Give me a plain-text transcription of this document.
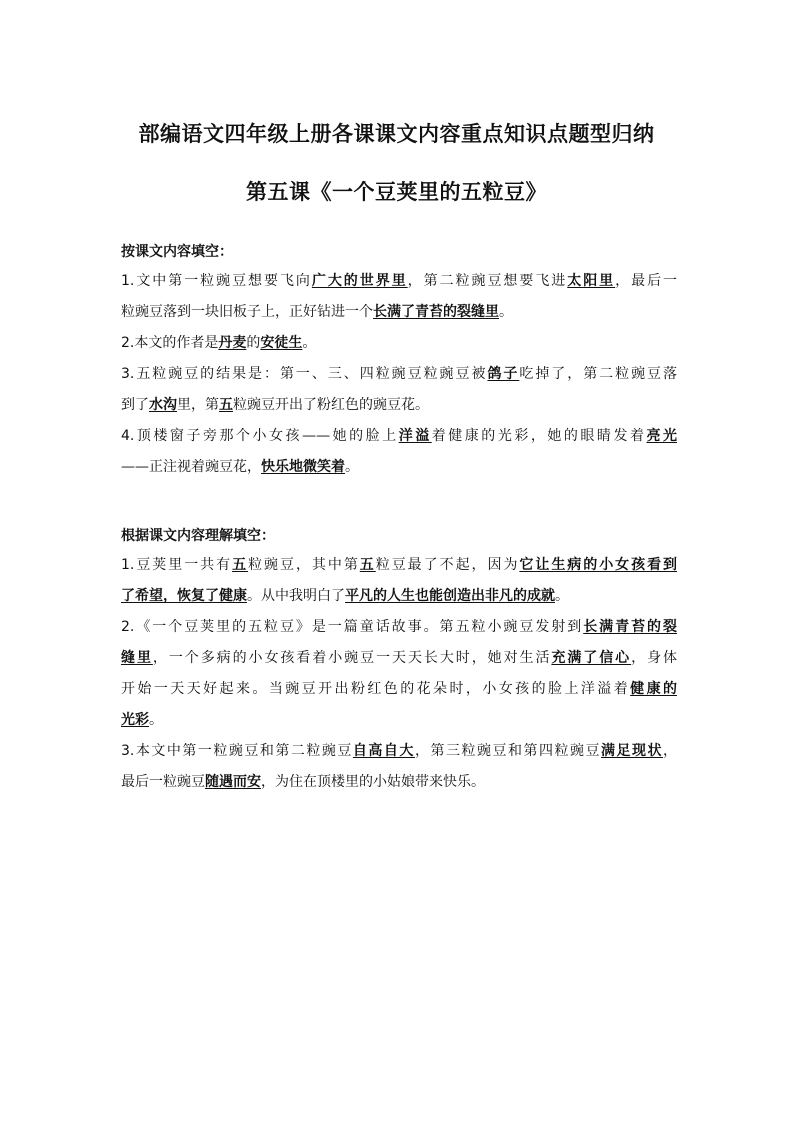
部编语文四年级上册各课课文内容重点知识点题型归纳
第五课《一个豆荚里的五粒豆》
按课文内容填空：
1.文中第一粒豌豆想要飞向广大的世界里，第二粒豌豆想要飞进太阳里，最后一
粒豌豆落到一块旧板子上，正好钻进一个长满了青苔的裂缝里。
2.本文的作者是丹麦的安徒生。
3.五粒豌豆的结果是：第一、三、四粒豌豆粒豌豆被鸽子吃掉了，第二粒豌豆落
到了水沟里，第五粒豌豆开出了粉红色的豌豆花。
4.顶楼窗子旁那个小女孩——她的脸上洋溢着健康的光彩，她的眼睛发着亮光
——正注视着豌豆花，快乐地微笑着。
根据课文内容理解填空：
1.豆荚里一共有五粒豌豆，其中第五粒豆最了不起，因为它让生病的小女孩看到
了希望，恢复了健康。从中我明白了平凡的人生也能创造出非凡的成就。
2.《一个豆荚里的五粒豆》是一篇童话故事。第五粒小豌豆发射到长满青苔的裂
缝里，一个多病的小女孩看着小豌豆一天天长大时，她对生活充满了信心，身体
开始一天天好起来。当豌豆开出粉红色的花朵时，小女孩的脸上洋溢着健康的
光彩。
3.本文中第一粒豌豆和第二粒豌豆自高自大，第三粒豌豆和第四粒豌豆满足现状，
最后一粒豌豆随遇而安，为住在顶楼里的小姑娘带来快乐。
